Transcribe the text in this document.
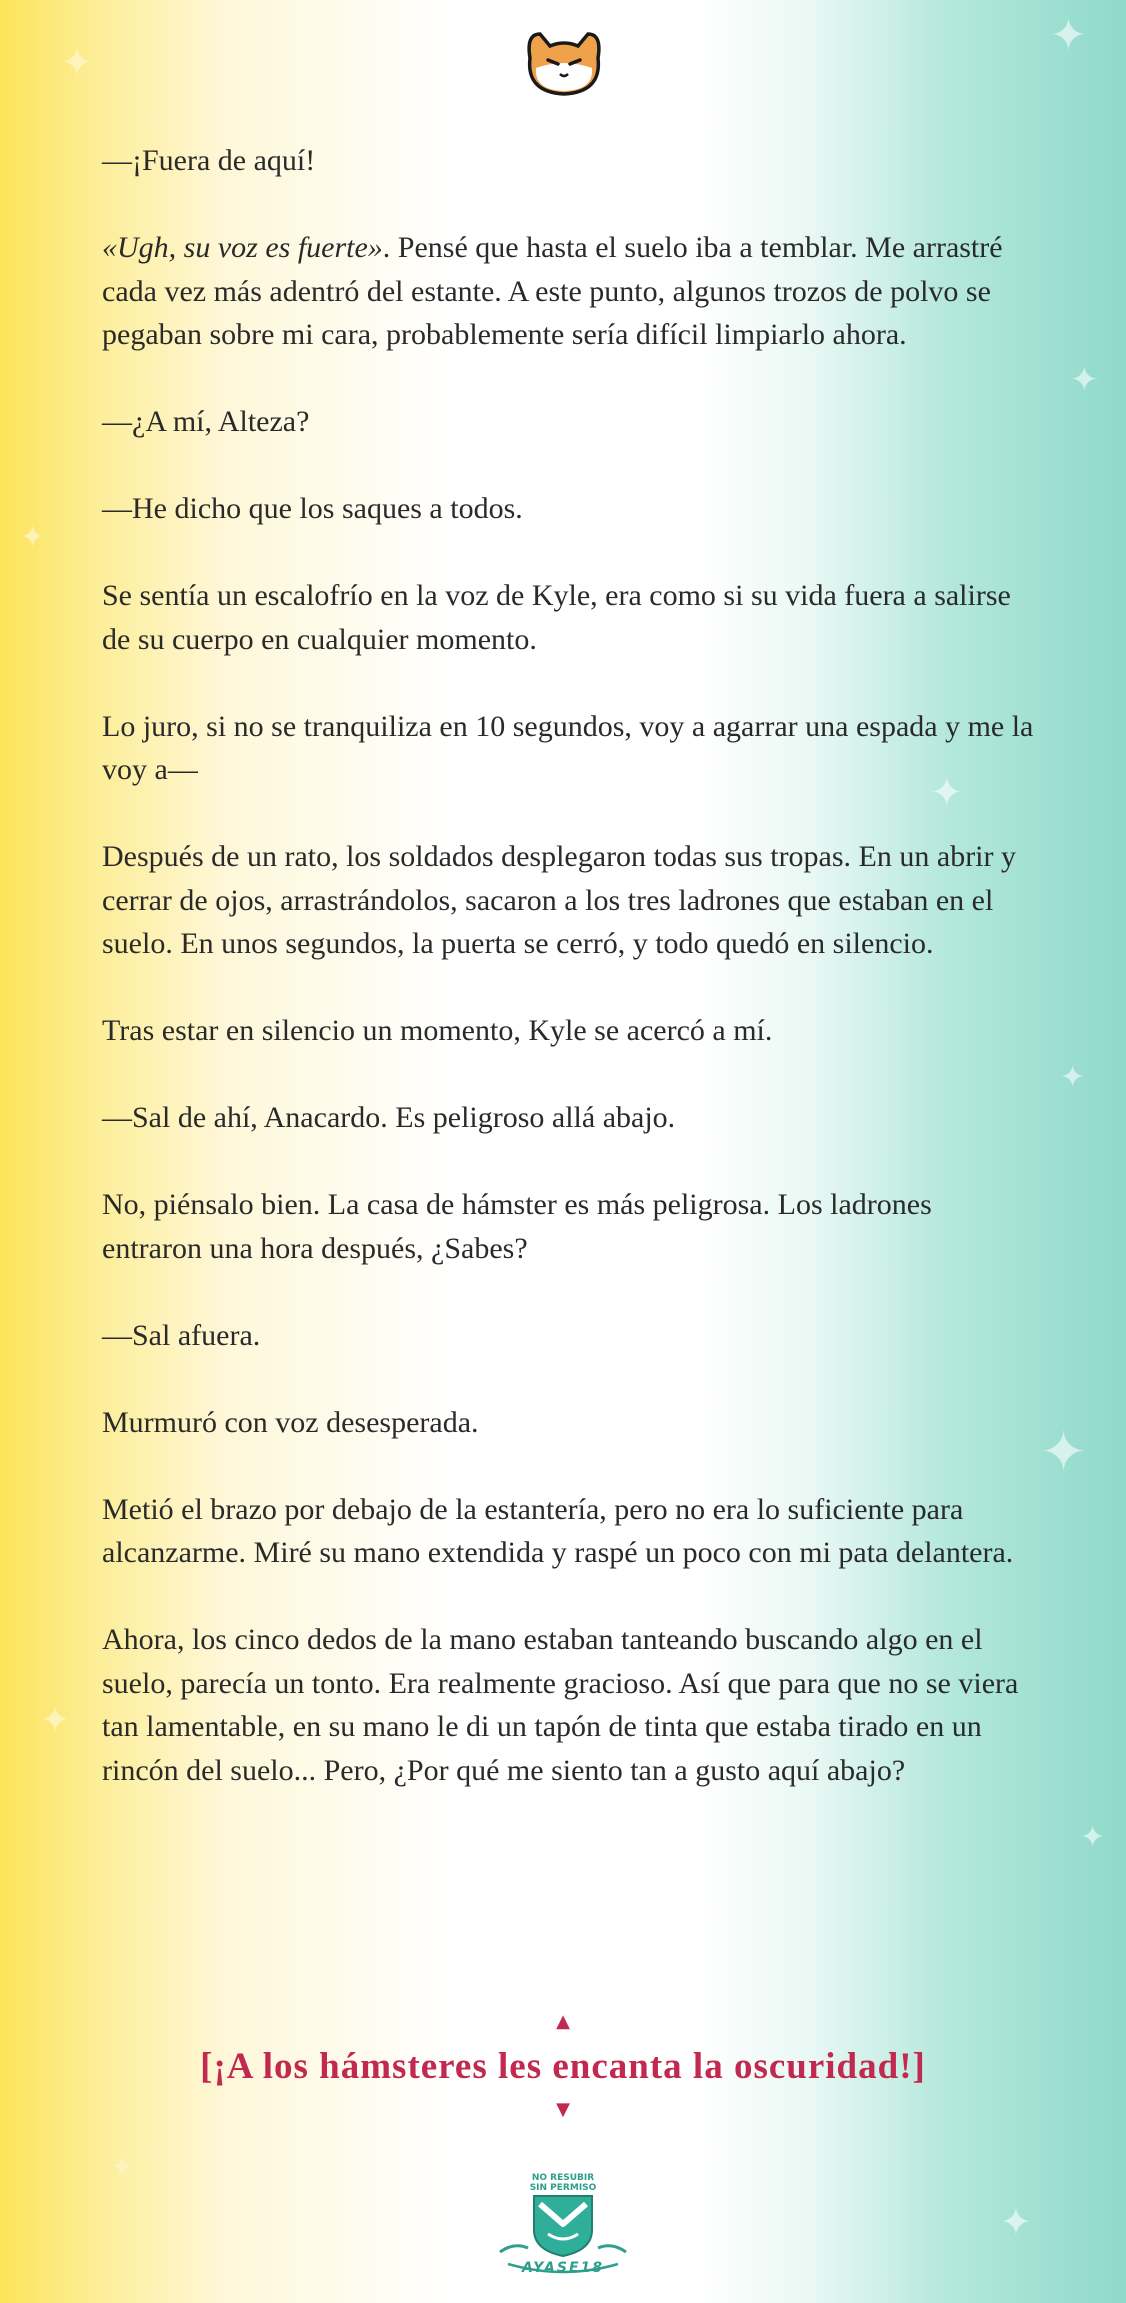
✦
✦
✦
✦
✦
✦
✦
✦
✦
✦
✦

—¡Fuera de aquí!

«Ugh, su voz es fuerte». Pensé que hasta el suelo iba a temblar. Me arrastré cada vez más adentró del estante. A este punto, algunos trozos de polvo se pegaban sobre mi cara, probablemente sería difícil limpiarlo ahora.

—¿A mí, Alteza?

—He dicho que los saques a todos.

Se sentía un escalofrío en la voz de Kyle, era como si su vida fuera a salirse de su cuerpo en cualquier momento.

Lo juro, si no se tranquiliza en 10 segundos, voy a agarrar una espada y me la voy a—

Después de un rato, los soldados desplegaron todas sus tropas. En un abrir y cerrar de ojos, arrastrándolos, sacaron a los tres ladrones que estaban en el suelo. En unos segundos, la puerta se cerró, y todo quedó en silencio.

Tras estar en silencio un momento, Kyle se acercó a mí.

—Sal de ahí, Anacardo. Es peligroso allá abajo.

No, piénsalo bien. La casa de hámster es más peligrosa. Los ladrones entraron una hora después, ¿Sabes?

—Sal afuera.

Murmuró con voz desesperada.

Metió el brazo por debajo de la estantería, pero no era lo suficiente para alcanzarme. Miré su mano extendida y raspé un poco con mi pata delantera.

Ahora, los cinco dedos de la mano estaban tanteando buscando algo en el suelo, parecía un tonto. Era realmente gracioso. Así que para que no se viera tan lamentable, en su mano le di un tapón de tinta que estaba tirado en un rincón del suelo... Pero, ¿Por qué me siento tan a gusto aquí abajo?

▲
[¡A los hámsteres les encanta la oscuridad!]
▼
NO RESUBIR
SIN PERMISO
AYASE18
